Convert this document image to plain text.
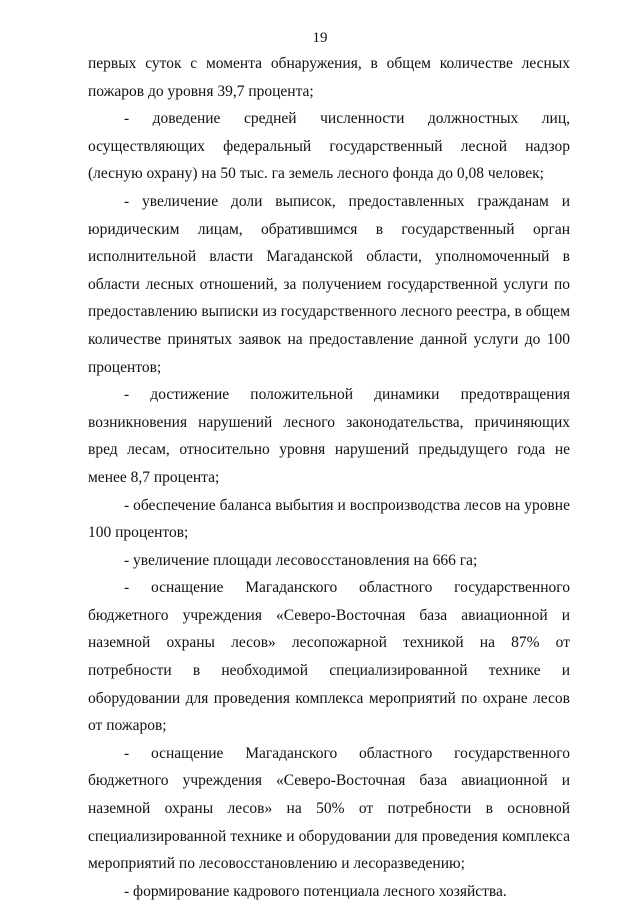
19

первых суток с момента обнаружения, в общем количестве лесных пожаров до уровня 39,7 процента;

- доведение средней численности должностных лиц, осуществляющих федеральный государственный лесной надзор (лесную охрану) на 50 тыс. га земель лесного фонда до 0,08 человек;

- увеличение доли выписок, предоставленных гражданам и юридическим лицам, обратившимся в государственный орган исполнительной власти Магаданской области, уполномоченный в области лесных отношений, за получением государственной услуги по предоставлению выписки из государственного лесного реестра, в общем количестве принятых заявок на предоставление данной услуги до 100 процентов;

- достижение положительной динамики предотвращения возникновения нарушений лесного законодательства, причиняющих вред лесам, относительно уровня нарушений предыдущего года не менее 8,7 процента;

- обеспечение баланса выбытия и воспроизводства лесов на уровне 100 процентов;

- увеличение площади лесовосстановления на 666 га;

- оснащение Магаданского областного государственного бюджетного учреждения «Северо-Восточная база авиационной и наземной охраны лесов» лесопожарной техникой на 87% от потребности в необходимой специализированной технике и оборудовании для проведения комплекса мероприятий по охране лесов от пожаров;

- оснащение Магаданского областного государственного бюджетного учреждения «Северо-Восточная база авиационной и наземной охраны лесов» на 50% от потребности в основной специализированной технике и оборудовании для проведения комплекса мероприятий по лесовосстановлению и лесоразведению;

- формирование кадрового потенциала лесного хозяйства.
